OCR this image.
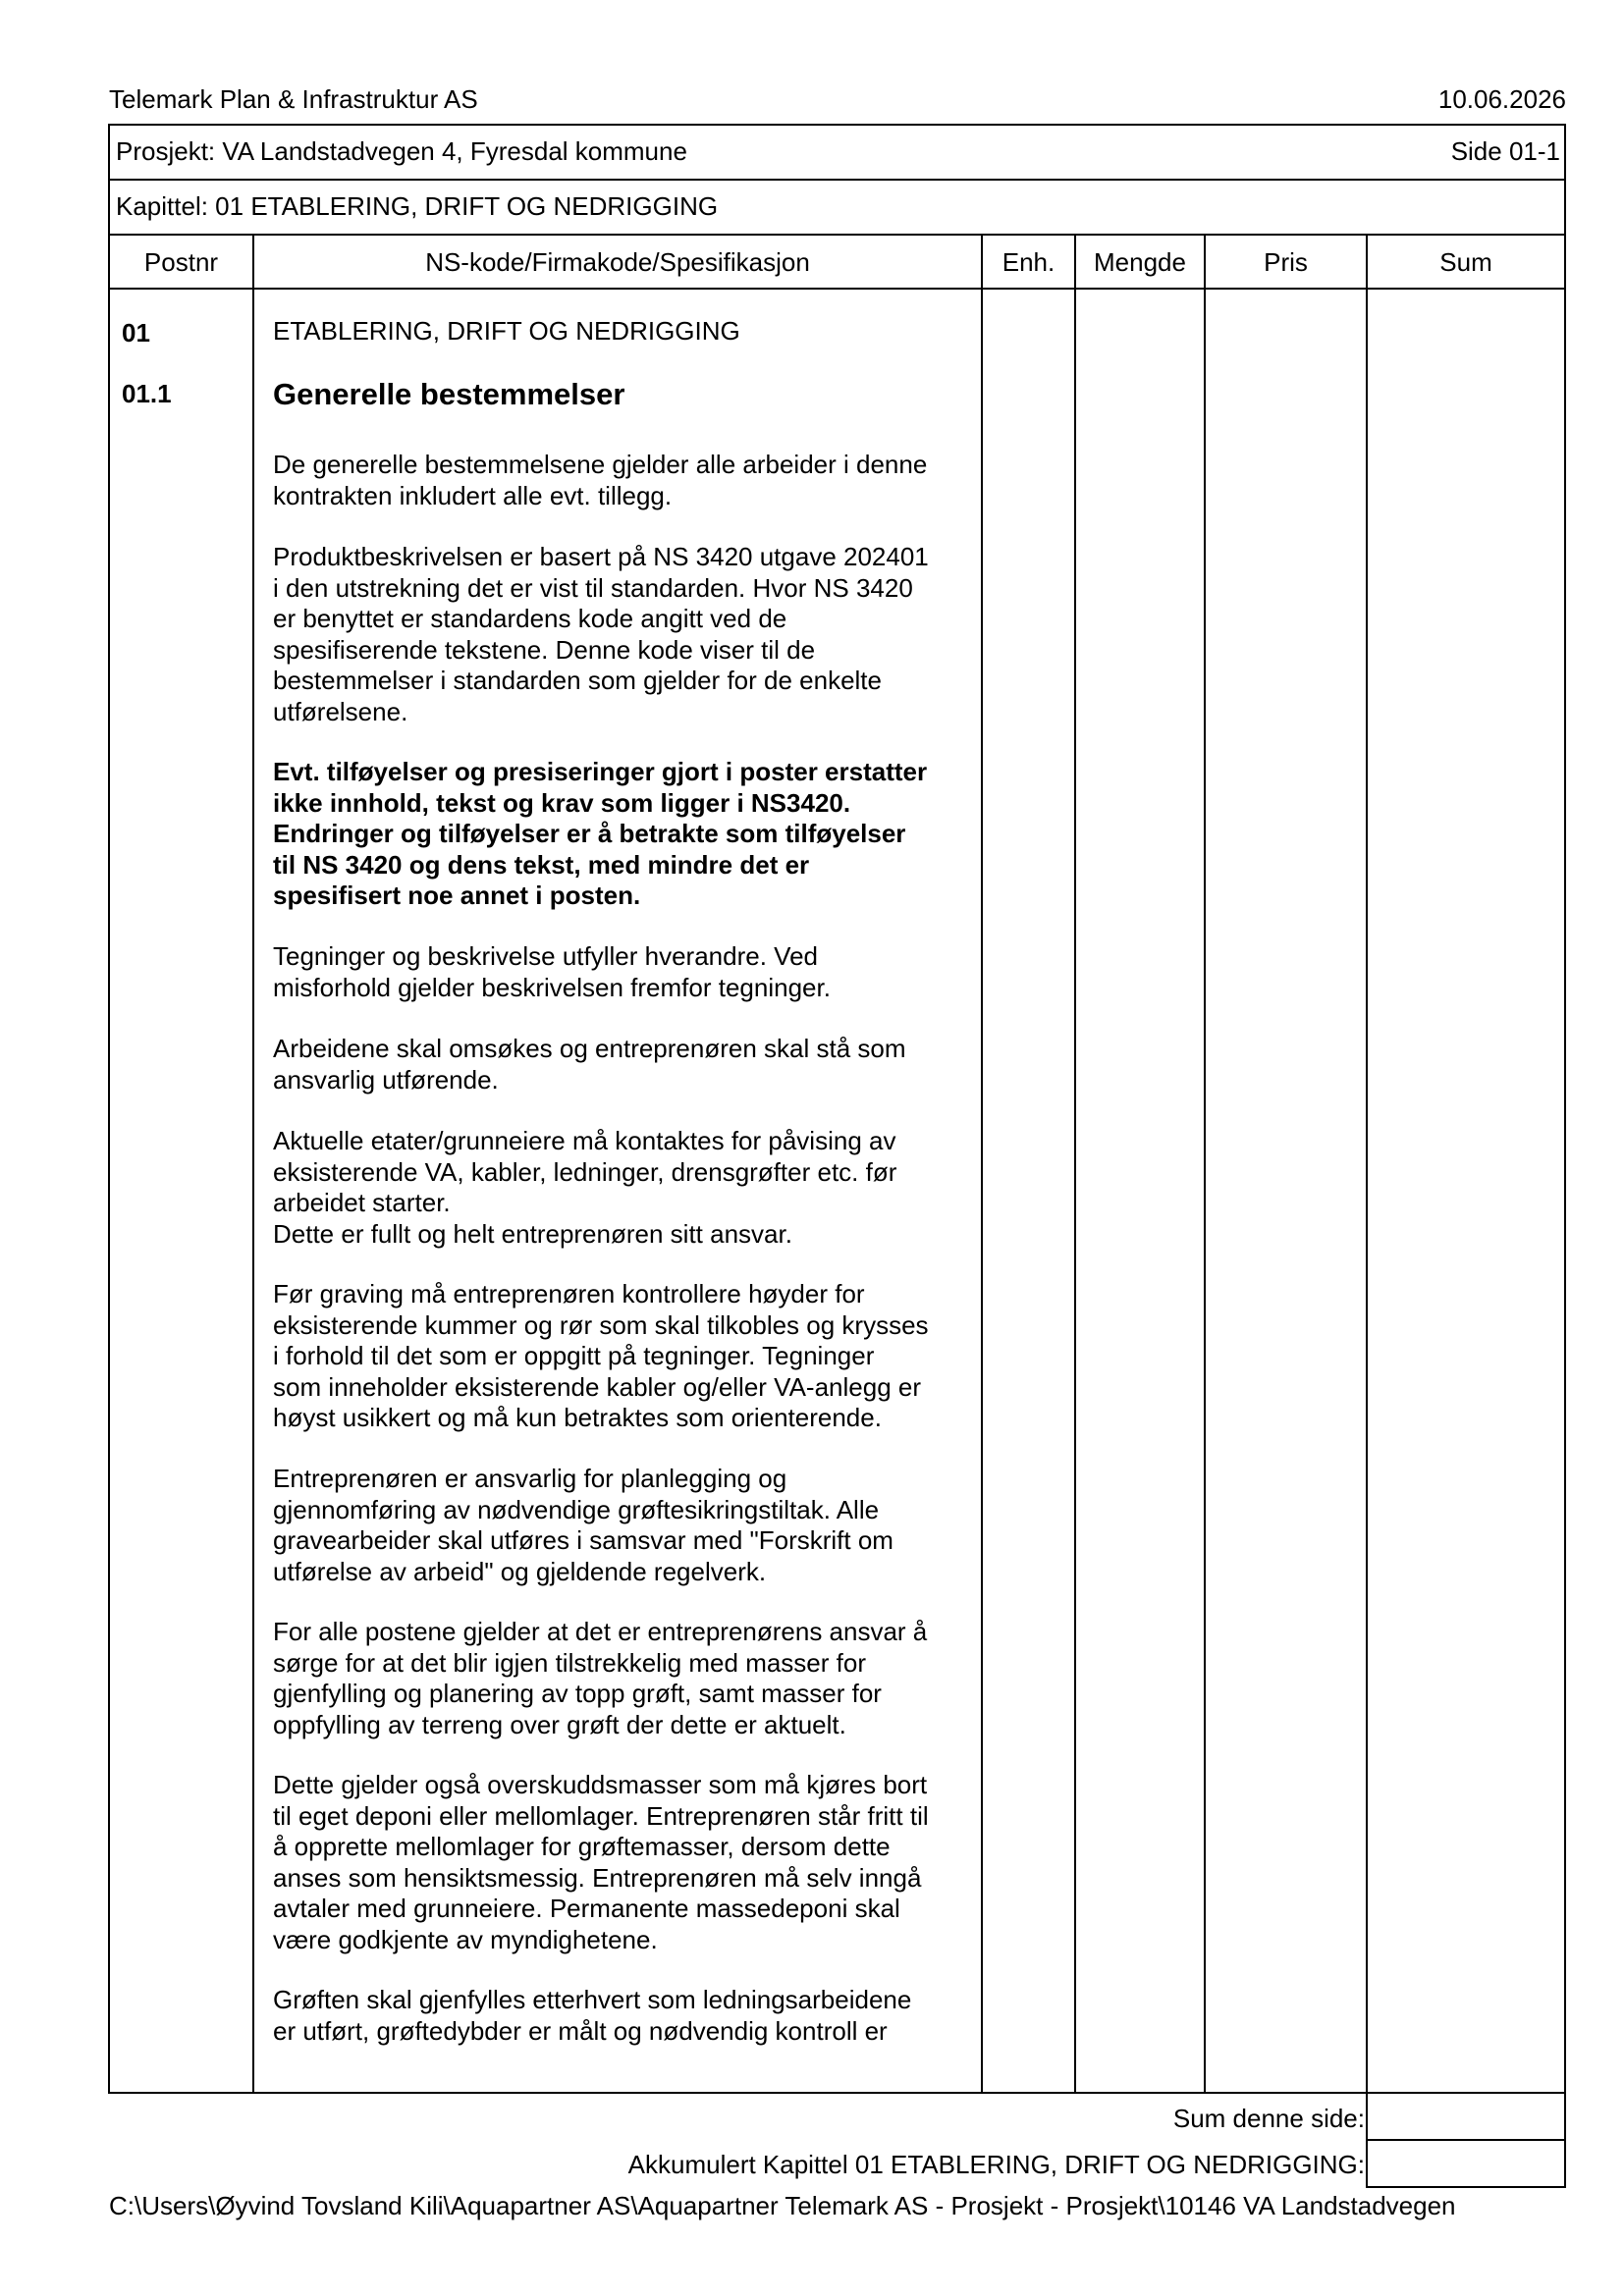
Telemark Plan & Infrastruktur AS	10.06.2026
Prosjekt: VA Landstadvegen 4, Fyresdal kommune	Side 01-1
Kapittel: 01 ETABLERING, DRIFT OG NEDRIGGING
Postnr	NS-kode/Firmakode/Spesifikasjon	Enh.	Mengde	Pris	Sum
01	ETABLERING, DRIFT OG NEDRIGGING
01.1	Generelle bestemmelser

De generelle bestemmelsene gjelder alle arbeider i denne
kontrakten inkludert alle evt. tillegg.

Produktbeskrivelsen er basert på NS 3420 utgave 202401
i den utstrekning det er vist til standarden. Hvor NS 3420
er benyttet er standardens kode angitt ved de
spesifiserende tekstene. Denne kode viser til de
bestemmelser i standarden som gjelder for de enkelte
utførelsene.

Evt. tilføyelser og presiseringer gjort i poster erstatter
ikke innhold, tekst og krav som ligger i NS3420.
Endringer og tilføyelser er å betrakte som tilføyelser
til NS 3420 og dens tekst, med mindre det er
spesifisert noe annet i posten.

Tegninger og beskrivelse utfyller hverandre. Ved
misforhold gjelder beskrivelsen fremfor tegninger.

Arbeidene skal omsøkes og entreprenøren skal stå som
ansvarlig utførende.

Aktuelle etater/grunneiere må kontaktes for påvising av
eksisterende VA, kabler, ledninger, drensgrøfter etc. før
arbeidet starter.
Dette er fullt og helt entreprenøren sitt ansvar.

Før graving må entreprenøren kontrollere høyder for
eksisterende kummer og rør som skal tilkobles og krysses
i forhold til det som er oppgitt på tegninger. Tegninger
som inneholder eksisterende kabler og/eller VA-anlegg er
høyst usikkert og må kun betraktes som orienterende.

Entreprenøren er ansvarlig for planlegging og
gjennomføring av nødvendige grøftesikringstiltak. Alle
gravearbeider skal utføres i samsvar med "Forskrift om
utførelse av arbeid" og gjeldende regelverk.

For alle postene gjelder at det er entreprenørens ansvar å
sørge for at det blir igjen tilstrekkelig med masser for
gjenfylling og planering av topp grøft, samt masser for
oppfylling av terreng over grøft der dette er aktuelt.

Dette gjelder også overskuddsmasser som må kjøres bort
til eget deponi eller mellomlager. Entreprenøren står fritt til
å opprette mellomlager for grøftemasser, dersom dette
anses som hensiktsmessig. Entreprenøren må selv inngå
avtaler med grunneiere. Permanente massedeponi skal
være godkjente av myndighetene.

Grøften skal gjenfylles etterhvert som ledningsarbeidene
er utført, grøftedybder er målt og nødvendig kontroll er

Sum denne side:
Akkumulert Kapittel 01 ETABLERING, DRIFT OG NEDRIGGING:
C:\Users\Øyvind Tovsland Kili\Aquapartner AS\Aquapartner Telemark AS - Prosjekt - Prosjekt\10146 VA Landstadvegen
